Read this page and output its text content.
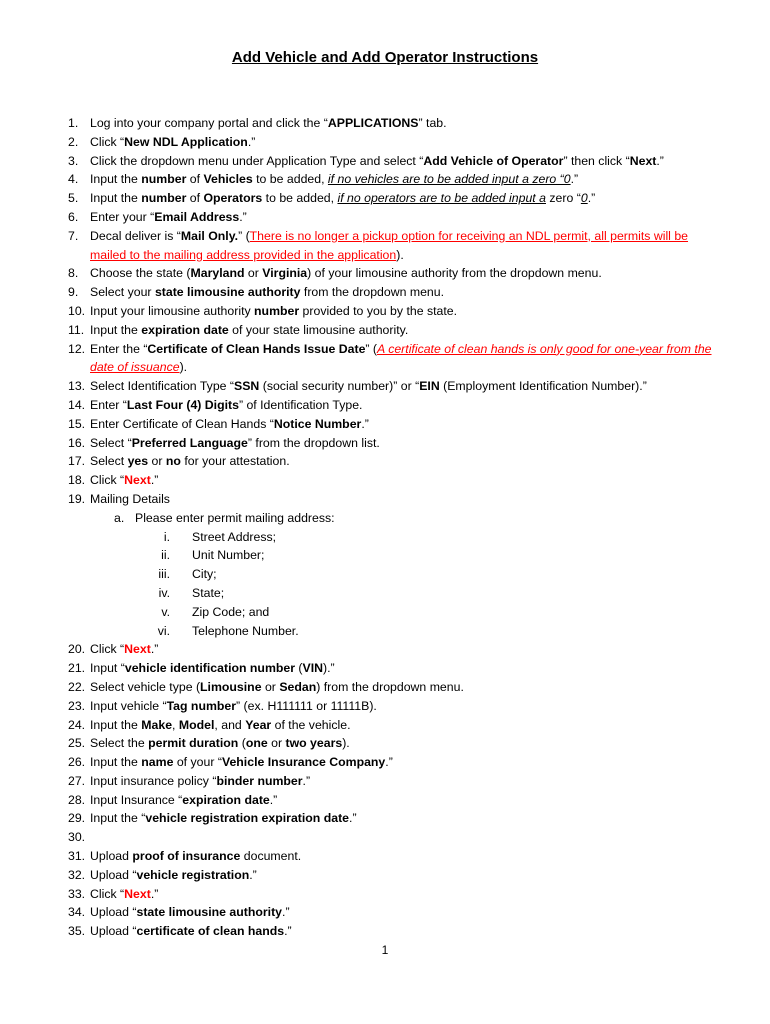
Add Vehicle and Add Operator Instructions
1. Log into your company portal and click the “APPLICATIONS” tab.
2. Click “New NDL Application.”
3. Click the dropdown menu under Application Type and select “Add Vehicle of Operator” then click “Next.”
4. Input the number of Vehicles to be added, if no vehicles are to be added input a zero “0.”
5. Input the number of Operators to be added, if no operators are to be added input a zero “0.”
6. Enter your “Email Address.”
7. Decal deliver is “Mail Only.” (There is no longer a pickup option for receiving an NDL permit, all permits will be mailed to the mailing address provided in the application).
8. Choose the state (Maryland or Virginia) of your limousine authority from the dropdown menu.
9. Select your state limousine authority from the dropdown menu.
10. Input your limousine authority number provided to you by the state.
11. Input the expiration date of your state limousine authority.
12. Enter the “Certificate of Clean Hands Issue Date” (A certificate of clean hands is only good for one-year from the date of issuance).
13. Select Identification Type “SSN (social security number)” or “EIN (Employment Identification Number).”
14. Enter “Last Four (4) Digits” of Identification Type.
15. Enter Certificate of Clean Hands “Notice Number.”
16. Select “Preferred Language” from the dropdown list.
17. Select yes or no for your attestation.
18. Click “Next.”
19. Mailing Details
a. Please enter permit mailing address:
i. Street Address;
ii. Unit Number;
iii. City;
iv. State;
v. Zip Code; and
vi. Telephone Number.
20. Click “Next.”
21. Input “vehicle identification number (VIN).”
22. Select vehicle type (Limousine or Sedan) from the dropdown menu.
23. Input vehicle “Tag number” (ex. H111111 or 11111B).
24. Input the Make, Model, and Year of the vehicle.
25. Select the permit duration (one or two years).
26. Input the name of your “Vehicle Insurance Company.”
27. Input insurance policy “binder number.”
28. Input Insurance “expiration date.”
29. Input the “vehicle registration expiration date.”
30.

31. Upload proof of insurance document.
32. Upload “vehicle registration.”
33. Click “Next.”
34. Upload “state limousine authority.”
35. Upload “certificate of clean hands.”
1
